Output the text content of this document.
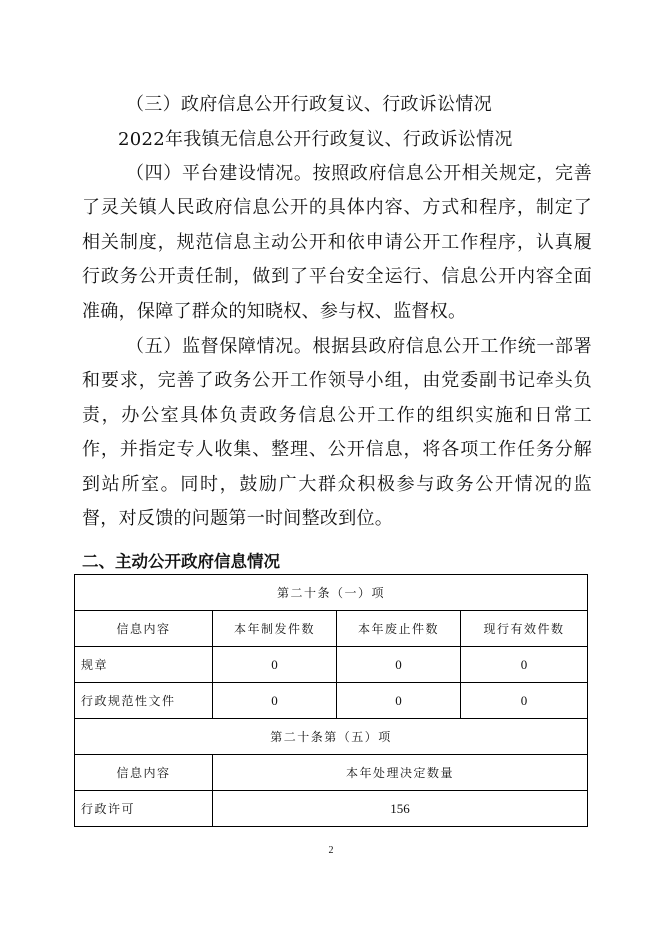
（三）政府信息公开行政复议、行政诉讼情况

2022年我镇无信息公开行政复议、行政诉讼情况

（四）平台建设情况。按照政府信息公开相关规定，完善了灵关镇人民政府信息公开的具体内容、方式和程序，制定了相关制度，规范信息主动公开和依申请公开工作程序，认真履行政务公开责任制，做到了平台安全运行、信息公开内容全面准确，保障了群众的知晓权、参与权、监督权。

（五）监督保障情况。根据县政府信息公开工作统一部署和要求，完善了政务公开工作领导小组，由党委副书记牵头负责，办公室具体负责政务信息公开工作的组织实施和日常工作，并指定专人收集、整理、公开信息，将各项工作任务分解到站所室。同时，鼓励广大群众积极参与政务公开情况的监督，对反馈的问题第一时间整改到位。

二、主动公开政府信息情况
第二十条（一）项			
信息内容	本年制发件数	本年废止件数	现行有效件数
规章	0	0	0
行政规范性文件	0	0	0
第二十条第（五）项			
信息内容	本年处理决定数量		
行政许可	156		
2
